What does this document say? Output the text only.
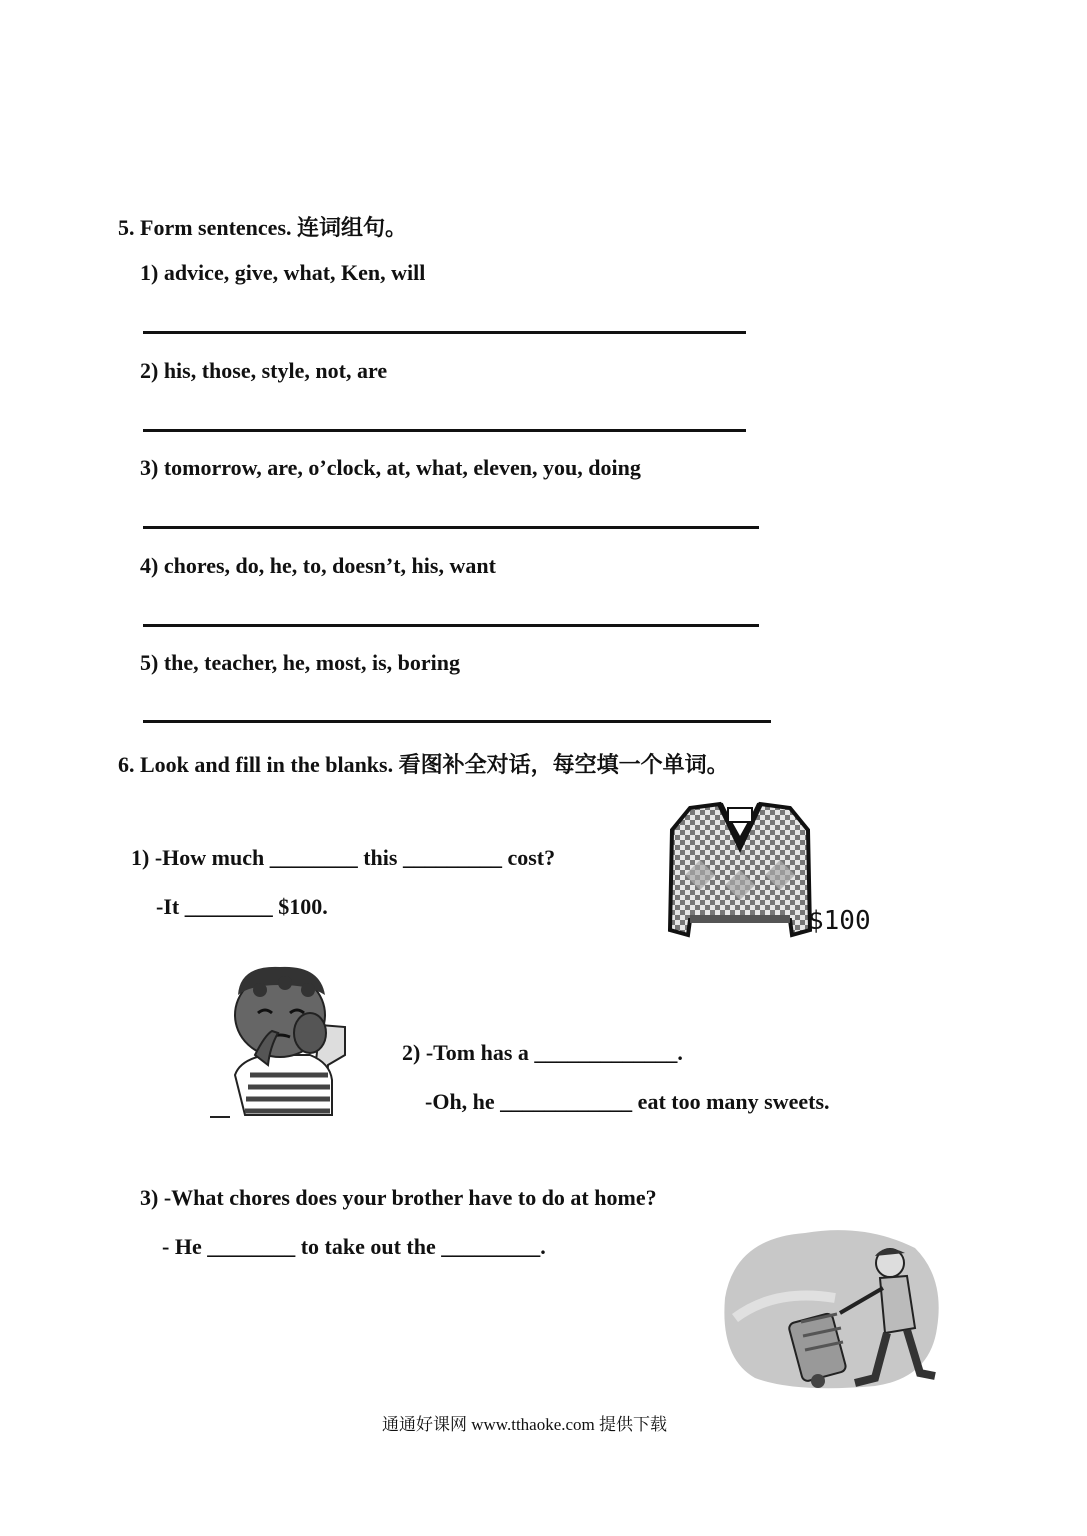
5. Form sentences. 连词组句。
1) advice, give, what, Ken, will
2) his, those, style, not, are
3) tomorrow, are, o’clock, at, what, eleven, you, doing
4) chores, do, he, to, doesn’t, his, want
5) the, teacher, he, most, is, boring
6. Look and fill in the blanks. 看图补全对话，每空填一个单词。
1) -How much ________ this _________ cost?
-It ________ $100.	$100
2) -Tom has a _____________.
-Oh, he ____________ eat too many sweets.
3) -What chores does your brother have to do at home?
- He ________ to take out the _________.
通通好课网 www.tthaoke.com 提供下载
